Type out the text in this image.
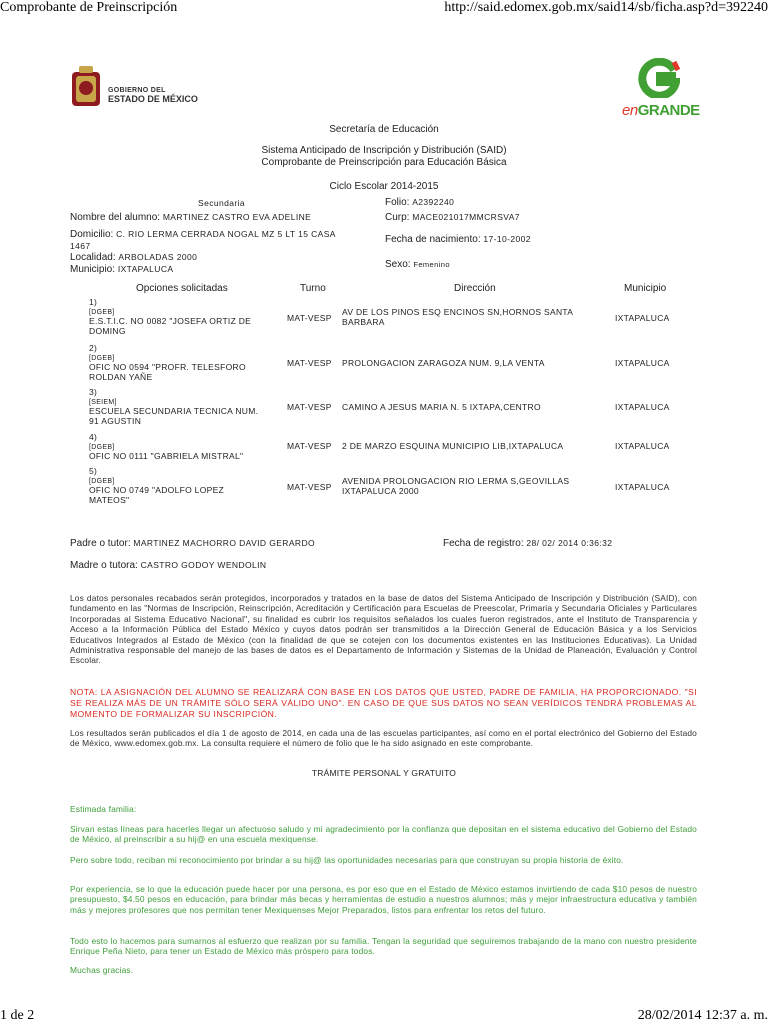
Comprobante de Preinscripción	http://said.edomex.gob.mx/said14/sb/ficha.asp?d=392240
GOBIERNO DEL
ESTADO DE MÉXICO
enGRANDE
Secretaría de Educación
Sistema Anticipado de Inscripción y Distribución (SAID)
Comprobante de Preinscripción para Educación Básica
Ciclo Escolar 2014-2015
Secundaria	Folio: A2392240
Nombre del alumno: MARTINEZ CASTRO EVA ADELINE	Curp: MACE021017MMCRSVA7
Domicilio: C. RIO LERMA CERRADA NOGAL MZ 5 LT 15 CASA
1467
Fecha de nacimiento: 17-10-2002
Localidad: ARBOLADAS 2000
Municipio: IXTAPALUCA	Sexo: Femenino
Opciones solicitadas	Turno	Dirección	Municipio
1)
[DGEB]
E.S.T.I.C. NO 0082 "JOSEFA ORTIZ DE
DOMING
MAT-VESP
AV DE LOS PINOS ESQ ENCINOS SN,HORNOS SANTA
BARBARA	IXTAPALUCA
2)
[DGEB]
OFIC NO 0594 "PROFR. TELESFORO
ROLDAN YAÑE
MAT-VESP PROLONGACION ZARAGOZA NUM. 9,LA VENTA	IXTAPALUCA
3)
[SEIEM]
ESCUELA SECUNDARIA TECNICA NUM.
91 AGUSTIN
MAT-VESP CAMINO A JESUS MARIA N. 5 IXTAPA,CENTRO	IXTAPALUCA
4)
[DGEB]
OFIC NO 0111 "GABRIELA MISTRAL"
MAT-VESP 2 DE MARZO ESQUINA MUNICIPIO LIB,IXTAPALUCA	IXTAPALUCA
5)
[DGEB]
OFIC NO 0749 "ADOLFO LOPEZ
MATEOS"
MAT-VESP
AVENIDA PROLONGACION RIO LERMA S,GEOVILLAS
IXTAPALUCA 2000	IXTAPALUCA
Padre o tutor: MARTINEZ MACHORRO DAVID GERARDO	Fecha de registro: 28/ 02/ 2014 0:36:32
Madre o tutora: CASTRO GODOY WENDOLIN
Los datos personales recabados serán protegidos, incorporados y tratados en la base de datos del Sistema Anticipado de Inscripción y Distribución (SAID), con fundamento en las "Normas de Inscripción, Reinscripción, Acreditación y Certificación para Escuelas de Preescolar, Primaria y Secundaria Oficiales y Particulares Incorporadas al Sistema Educativo Nacional", su finalidad es cubrir los requisitos señalados los cuales fueron registrados, ante el Instituto de Transparencia y Acceso a la Información Pública del Estado México y cuyos datos podrán ser transmitidos a la Dirección General de Educación Básica y a los Servicios Educativos Integrados al Estado de México (con la finalidad de que se cotejen con los documentos existentes en las Instituciones Educativas). La Unidad Administrativa responsable del manejo de las bases de datos es el Departamento de Información y Sistemas de la Unidad de Planeación, Evaluación y Control Escolar.
NOTA: LA ASIGNACIÓN DEL ALUMNO SE REALIZARÁ CON BASE EN LOS DATOS QUE USTED, PADRE DE FAMILIA, HA PROPORCIONADO. "SI SE REALIZA MÁS DE UN TRÁMITE SÓLO SERÁ VÁLIDO UNO". EN CASO DE QUE SUS DATOS NO SEAN VERÍDICOS TENDRÁ PROBLEMAS AL MOMENTO DE FORMALIZAR SU INSCRIPCIÓN.
Los resultados serán publicados el día 1 de agosto de 2014, en cada una de las escuelas participantes, así como en el portal electrónico del Gobierno del Estado de México, www.edomex.gob.mx. La consulta requiere el número de folio que le ha sido asignado en este comprobante.
TRÁMITE PERSONAL Y GRATUITO
Estimada familia:
Sirvan estas líneas para hacerles llegar un afectuoso saludo y mi agradecimiento por la confianza que depositan en el sistema educativo del Gobierno del Estado de México, al preinscribir a su hij@ en una escuela mexiquense.
Pero sobre todo, reciban mi reconocimiento por brindar a su hij@ las oportunidades necesarias para que construyan su propia historia de éxito.
Por experiencia, se lo que la educación puede hacer por una persona, es por eso que en el Estado de México estamos invirtiendo de cada $10 pesos de nuestro presupuesto, $4.50 pesos en educación, para brindar más becas y herramientas de estudio a nuestros alumnos; más y mejor infraestructura educativa y también más y mejores profesores que nos permitan tener Mexiquenses Mejor Preparados, listos para enfrentar los retos del futuro.
Todo esto lo hacemos para sumarnos al esfuerzo que realizan por su familia. Tengan la seguridad que seguiremos trabajando de la mano con nuestro presidente Enrique Peña Nieto, para tener un Estado de México más próspero para todos.
Muchas gracias.
1 de 2	28/02/2014 12:37 a. m.
